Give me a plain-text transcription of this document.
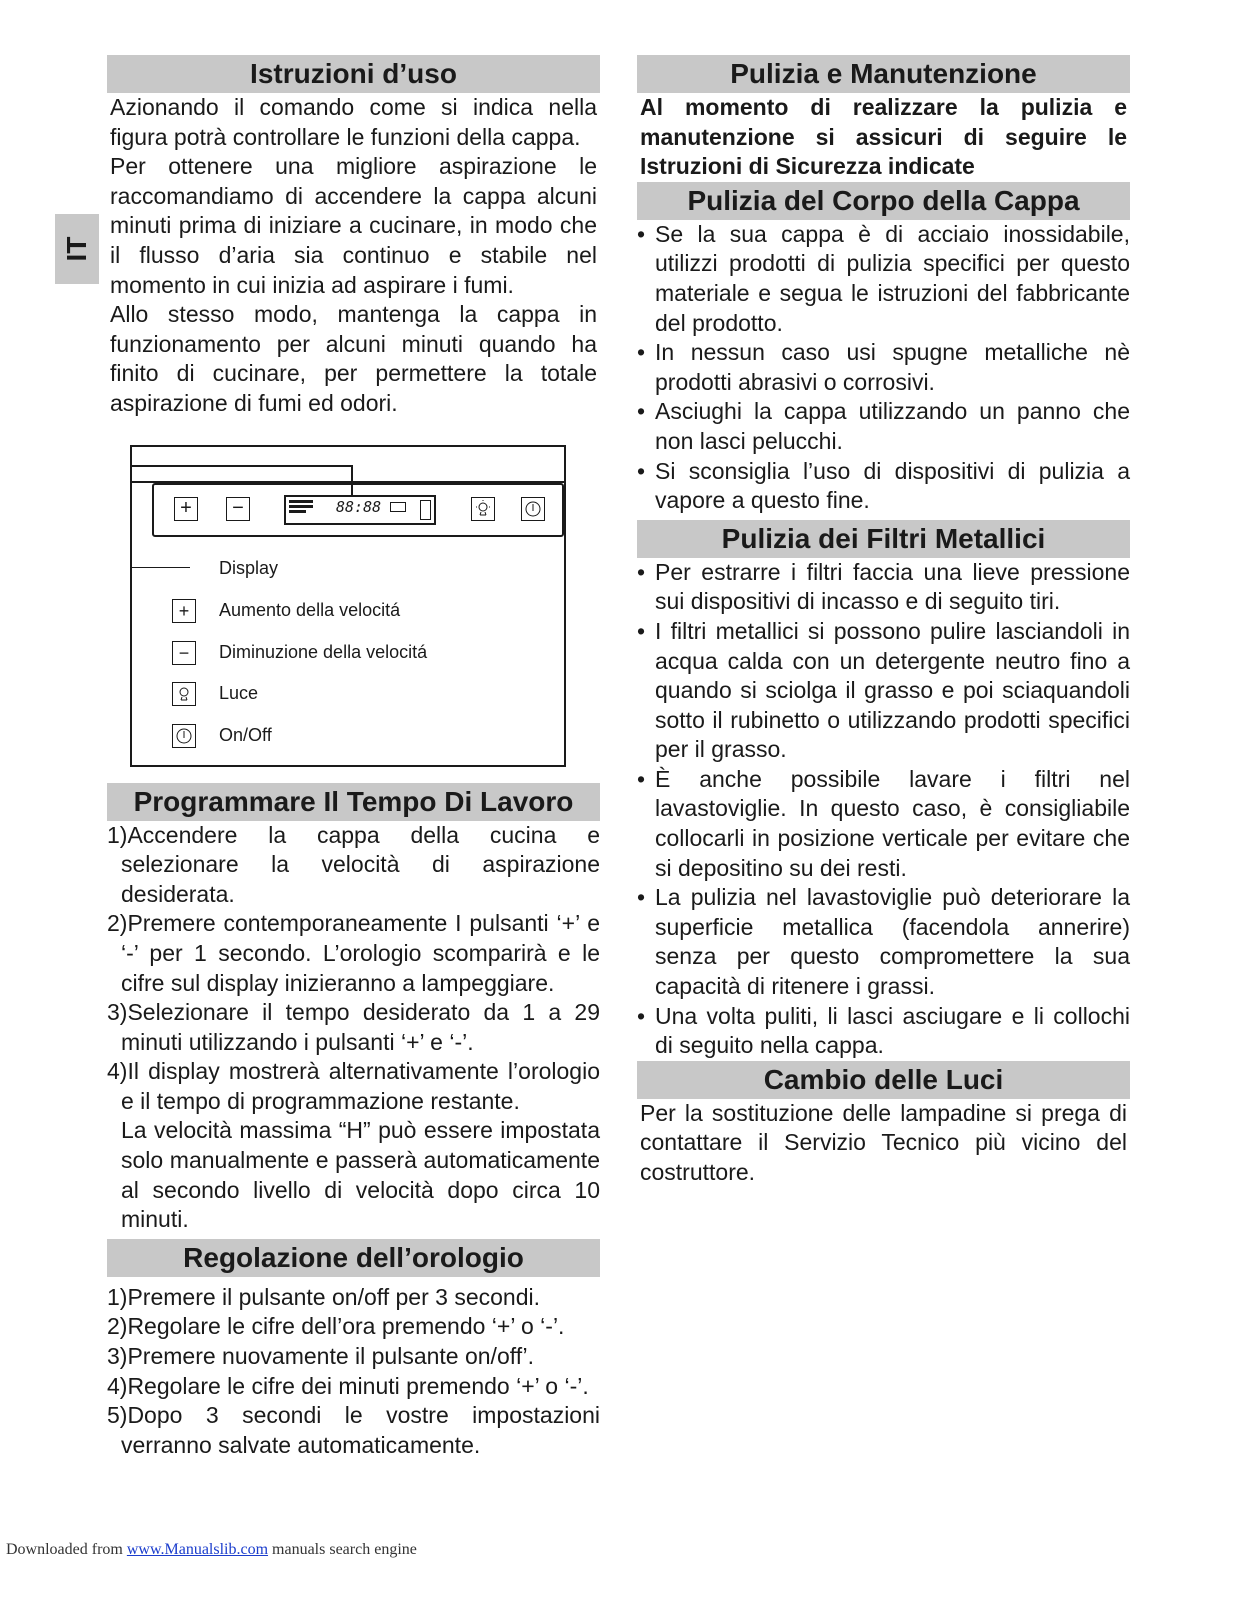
IT
Istruzioni d’uso

Azionando il comando come si indica nella figura potrà controllare le funzioni della cappa.

Per ottenere una migliore aspirazione le raccomandiamo di accendere la cappa alcuni minuti prima di iniziare a cucinare, in modo che il flusso d’aria sia continuo e stabile nel momento in cui inizia ad aspirare i fumi.

Allo stesso modo, mantenga la cappa in funzionamento per alcuni minuti quando ha finito di cucinare, per permettere la totale aspirazione di fumi ed odori.

+	−	88:88
Display
+	Aumento della velocitá
−	Diminuzione della velocitá
Luce
On/Off
Programmare Il Tempo Di Lavoro
1)Accendere la cappa della cucina e selezionare la velocità di aspirazione desiderata.
2)Premere contemporaneamente I pulsanti ‘+’ e ‘-’ per 1 secondo. L’orologio scomparirà e le cifre sul display inizieranno a lampeggiare.
3)Selezionare il tempo desiderato da 1 a 29 minuti utilizzando i pulsanti ‘+’ e ‘-’.
4)Il display mostrerà alternativamente l’orologio e il tempo di programmazione restante.
La velocità massima “H” può essere impostata solo manualmente e passerà automaticamente al secondo livello di velocità dopo circa 10 minuti.
Regolazione dell’orologio
1)Premere il pulsante on/off per 3 secondi.
2)Regolare le cifre dell’ora premendo ‘+’ o ‘-’.
3)Premere nuovamente il pulsante on/off’.
4)Regolare le cifre dei minuti premendo ‘+’ o ‘-’.
5)Dopo 3 secondi le vostre impostazioni verranno salvate automaticamente.
Pulizia e Manutenzione

Al momento di realizzare la pulizia e manutenzione si assicuri di seguire le Istruzioni di Sicurezza indicate

Pulizia del Corpo della Cappa
• Se la sua cappa è di acciaio inossidabile, utilizzi prodotti di pulizia specifici per questo materiale e segua le istruzioni del fabbricante del prodotto.
• In nessun caso usi spugne metalliche nè prodotti abrasivi o corrosivi.
• Asciughi la cappa utilizzando un panno che non lasci pelucchi.
• Si sconsiglia l’uso di dispositivi di pulizia a vapore a questo fine.
Pulizia dei Filtri Metallici
• Per estrarre i filtri faccia una lieve pressione sui dispositivi di incasso e di seguito tiri.
• I filtri metallici si possono pulire lasciandoli in acqua calda con un detergente neutro fino a quando si sciolga il grasso e poi sciaquandoli sotto il rubinetto o utilizzando prodotti specifici per il grasso.
• È anche possibile lavare i filtri nel lavastoviglie. In questo caso, è consigliabile collocarli in posizione verticale per evitare che si depositino su dei resti.
• La pulizia nel lavastoviglie può deteriorare la superficie metallica (facendola annerire) senza per questo compromettere la sua capacità di ritenere i grassi.
• Una volta puliti, li lasci asciugare e li collochi di seguito nella cappa.
Cambio delle Luci

Per la sostituzione delle lampadine si prega di contattare il Servizio Tecnico più vicino del costruttore.

Downloaded from www.Manualslib.com manuals search engine
